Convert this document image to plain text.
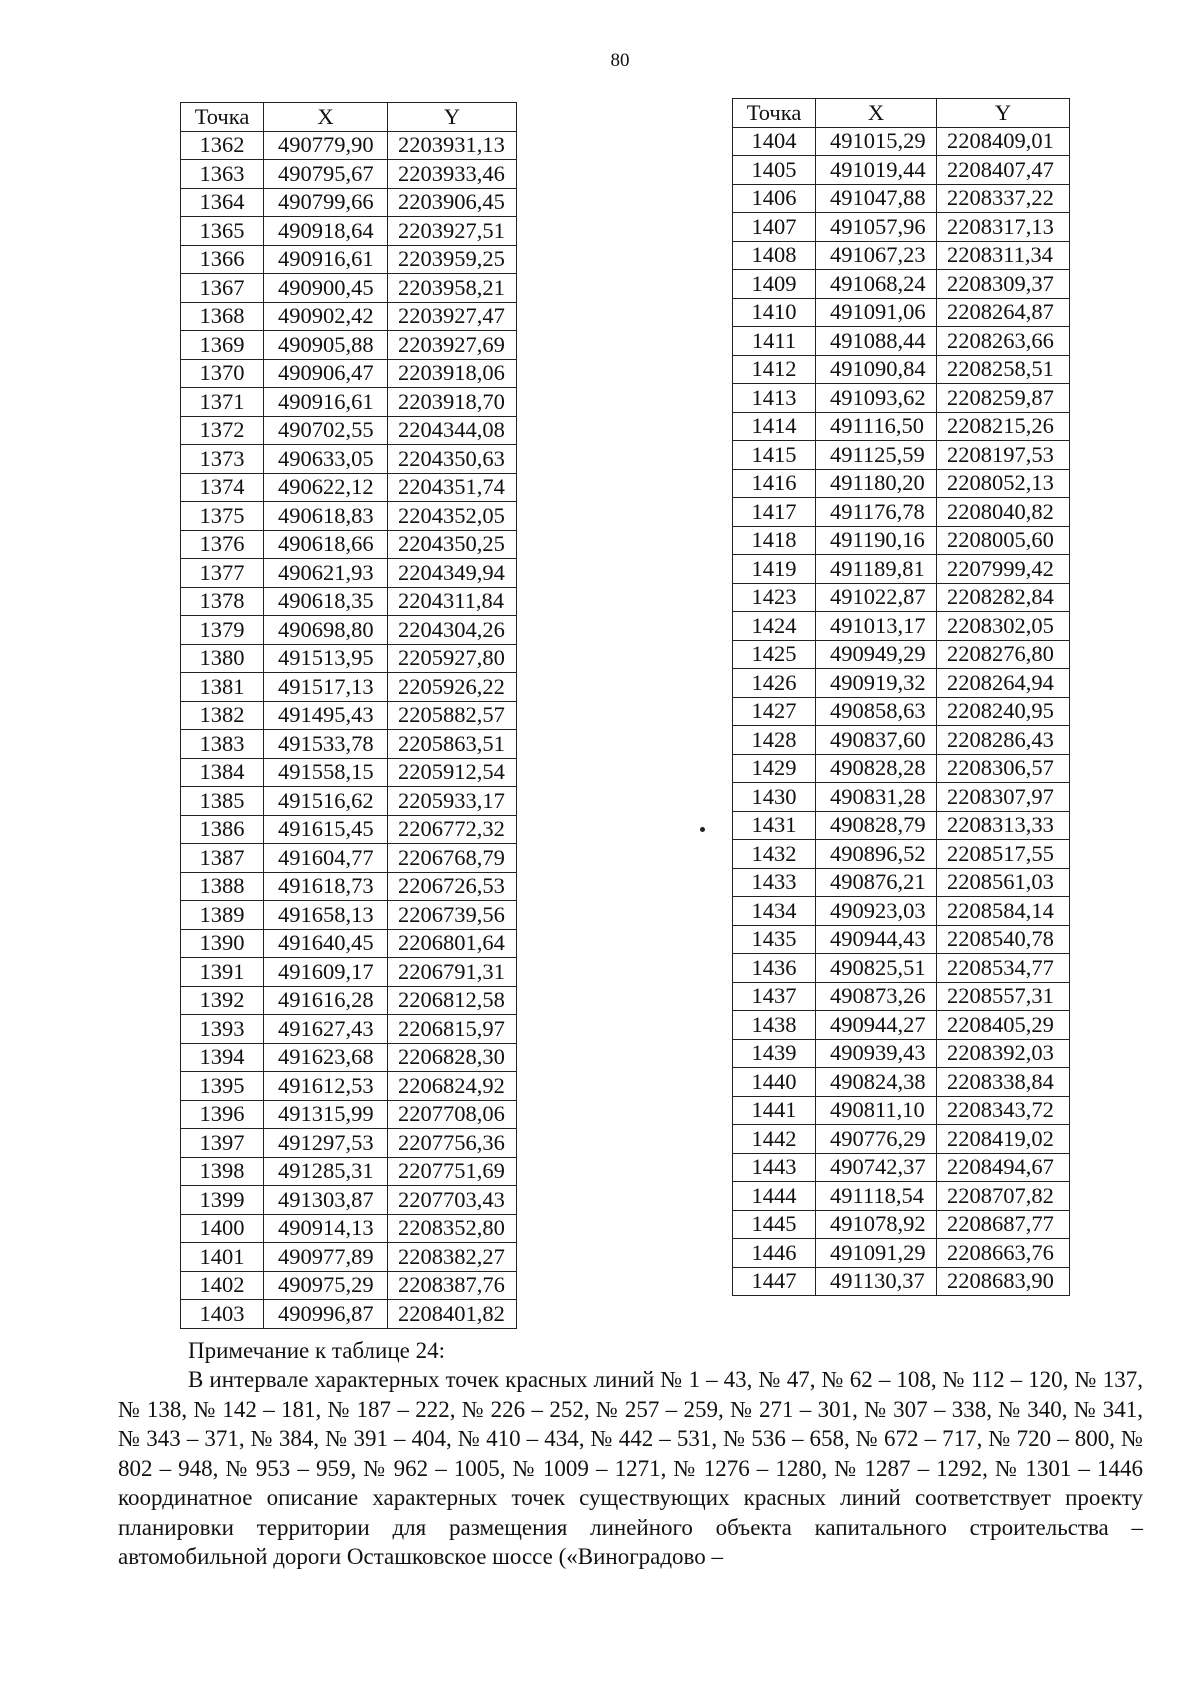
80
Точка	X	Y
1362	490779,90	2203931,13
1363	490795,67	2203933,46
1364	490799,66	2203906,45
1365	490918,64	2203927,51
1366	490916,61	2203959,25
1367	490900,45	2203958,21
1368	490902,42	2203927,47
1369	490905,88	2203927,69
1370	490906,47	2203918,06
1371	490916,61	2203918,70
1372	490702,55	2204344,08
1373	490633,05	2204350,63
1374	490622,12	2204351,74
1375	490618,83	2204352,05
1376	490618,66	2204350,25
1377	490621,93	2204349,94
1378	490618,35	2204311,84
1379	490698,80	2204304,26
1380	491513,95	2205927,80
1381	491517,13	2205926,22
1382	491495,43	2205882,57
1383	491533,78	2205863,51
1384	491558,15	2205912,54
1385	491516,62	2205933,17
1386	491615,45	2206772,32
1387	491604,77	2206768,79
1388	491618,73	2206726,53
1389	491658,13	2206739,56
1390	491640,45	2206801,64
1391	491609,17	2206791,31
1392	491616,28	2206812,58
1393	491627,43	2206815,97
1394	491623,68	2206828,30
1395	491612,53	2206824,92
1396	491315,99	2207708,06
1397	491297,53	2207756,36
1398	491285,31	2207751,69
1399	491303,87	2207703,43
1400	490914,13	2208352,80
1401	490977,89	2208382,27
1402	490975,29	2208387,76
1403	490996,87	2208401,82
Точка	X	Y
1404	491015,29	2208409,01
1405	491019,44	2208407,47
1406	491047,88	2208337,22
1407	491057,96	2208317,13
1408	491067,23	2208311,34
1409	491068,24	2208309,37
1410	491091,06	2208264,87
1411	491088,44	2208263,66
1412	491090,84	2208258,51
1413	491093,62	2208259,87
1414	491116,50	2208215,26
1415	491125,59	2208197,53
1416	491180,20	2208052,13
1417	491176,78	2208040,82
1418	491190,16	2208005,60
1419	491189,81	2207999,42
1423	491022,87	2208282,84
1424	491013,17	2208302,05
1425	490949,29	2208276,80
1426	490919,32	2208264,94
1427	490858,63	2208240,95
1428	490837,60	2208286,43
1429	490828,28	2208306,57
1430	490831,28	2208307,97
1431	490828,79	2208313,33
1432	490896,52	2208517,55
1433	490876,21	2208561,03
1434	490923,03	2208584,14
1435	490944,43	2208540,78
1436	490825,51	2208534,77
1437	490873,26	2208557,31
1438	490944,27	2208405,29
1439	490939,43	2208392,03
1440	490824,38	2208338,84
1441	490811,10	2208343,72
1442	490776,29	2208419,02
1443	490742,37	2208494,67
1444	491118,54	2208707,82
1445	491078,92	2208687,77
1446	491091,29	2208663,76
1447	491130,37	2208683,90
Примечание к таблице 24:
В интервале характерных точек красных линий № 1 – 43, № 47, № 62 – 108, № 112 – 120, № 137, № 138, № 142 – 181, № 187 – 222, № 226 – 252, № 257 – 259, № 271 – 301, № 307 – 338, № 340, № 341, № 343 – 371, № 384, № 391 – 404, № 410 – 434, № 442 – 531, № 536 – 658, № 672 – 717, № 720 – 800, № 802 – 948, № 953 – 959, № 962 – 1005, № 1009 – 1271, № 1276 – 1280, № 1287 – 1292, № 1301 – 1446 координатное описание характерных точек существующих красных линий соответствует проекту планировки территории для размещения линейного объекта капитального строительства – автомобильной дороги Осташковское шоссе («Виноградово –
